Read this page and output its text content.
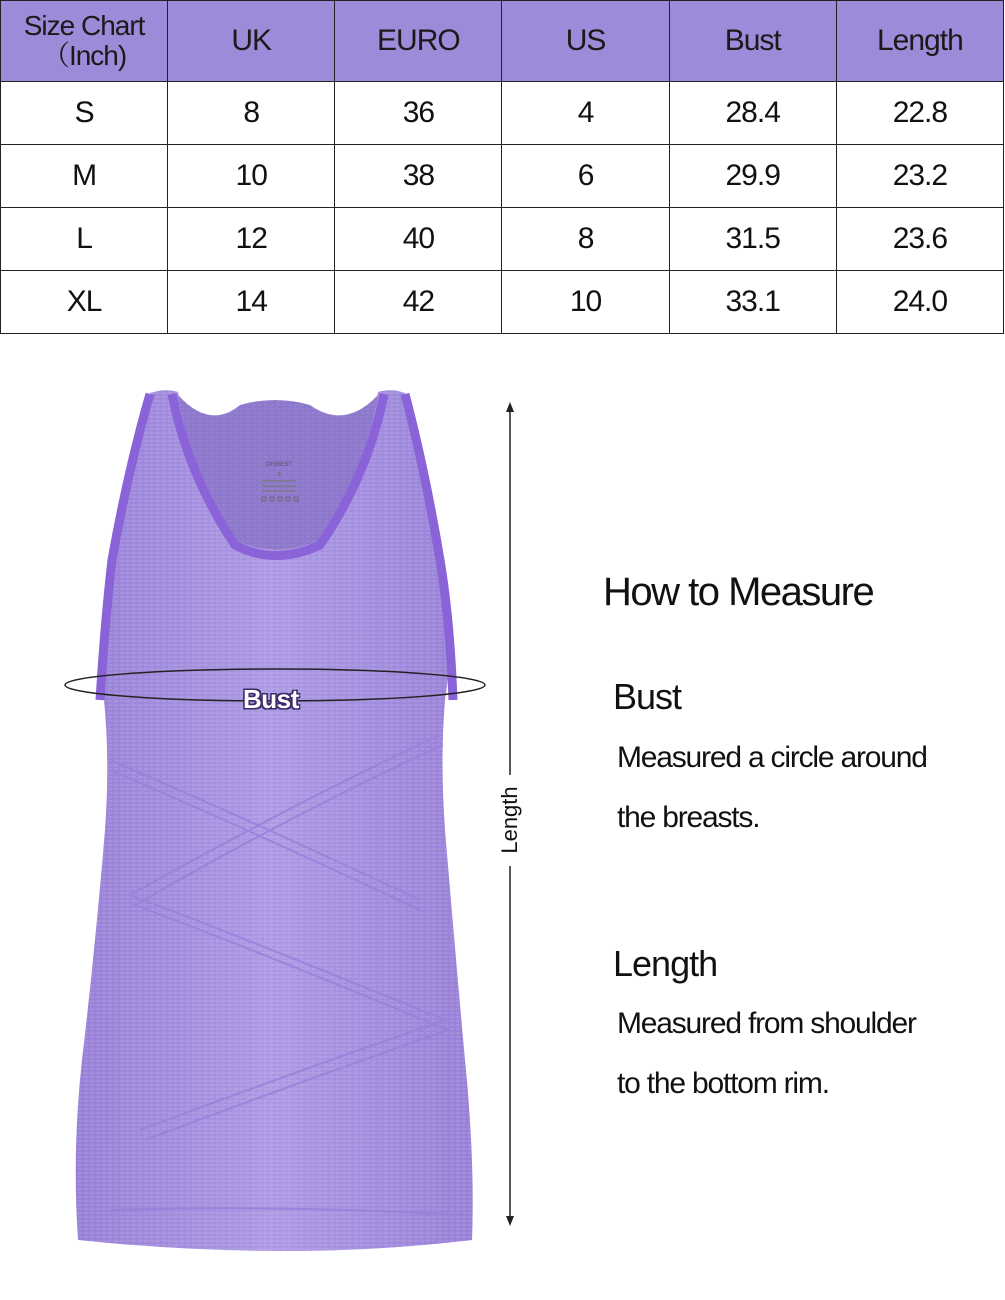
Size Chart
（Inch)	UK	EURO	US	Bust	Length
S	8	36	4	28.4	22.8
M	10	38	6	29.9	23.2
L	12	40	8	31.5	23.6
XL	14	42	10	33.1	24.0
DISBEST
S
Bust
Length
How to Measure
Bust
Measured a circle around
the breasts.
Length
Measured from shoulder
to the bottom rim.
